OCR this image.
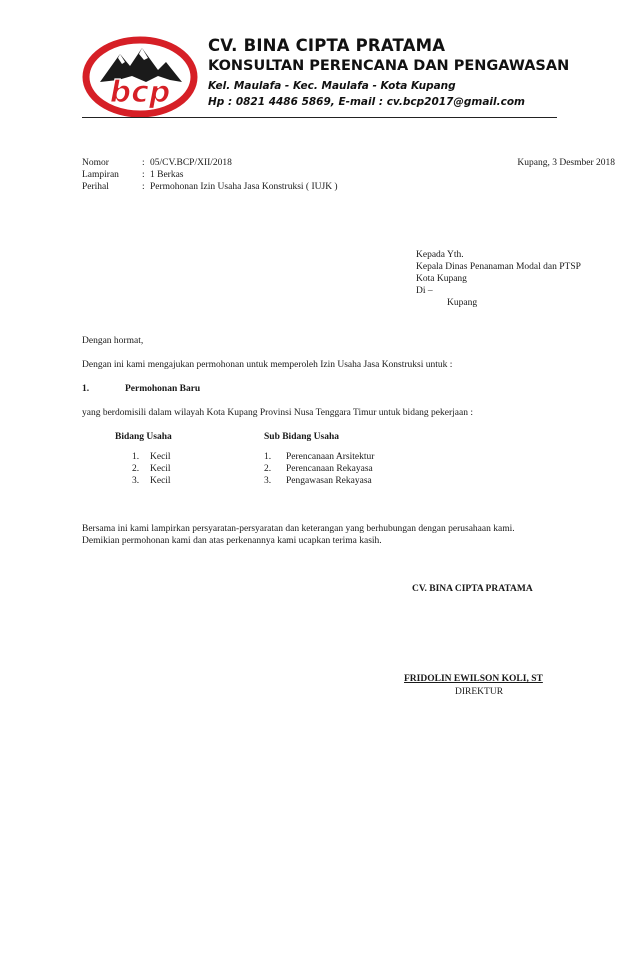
bcp
CV. BINA CIPTA PRATAMA
KONSULTAN PERENCANA DAN PENGAWASAN
Kel. Maulafa - Kec. Maulafa - Kota Kupang
Hp : 0821 4486 5869, E-mail : cv.bcp2017@gmail.com
Nomor	: 05/CV.BCP/XII/2018
Lampiran	: 1 Berkas
Perihal	: Permohonan Izin Usaha Jasa Konstruksi ( IUJK )
Kupang, 3 Desmber 2018
Kepada Yth.
Kepala Dinas Penanaman Modal dan PTSP
Kota Kupang
Di –
Kupang
Dengan hormat,
Dengan ini kami mengajukan permohonan untuk memperoleh Izin Usaha Jasa Konstruksi untuk :
1.	Permohonan Baru
yang berdomisili dalam wilayah Kota Kupang Provinsi Nusa Tenggara Timur untuk bidang pekerjaan :
Bidang Usaha	Sub Bidang Usaha
1. Kecil	1. Perencanaan Arsitektur
2. Kecil	2. Perencanaan Rekayasa
3. Kecil	3. Pengawasan Rekayasa
Bersama ini kami lampirkan persyaratan-persyaratan dan keterangan yang berhubungan dengan perusahaan kami.
Demikian permohonan kami dan atas perkenannya kami ucapkan terima kasih.
CV. BINA CIPTA PRATAMA
FRIDOLIN EWILSON KOLI, ST
DIREKTUR
